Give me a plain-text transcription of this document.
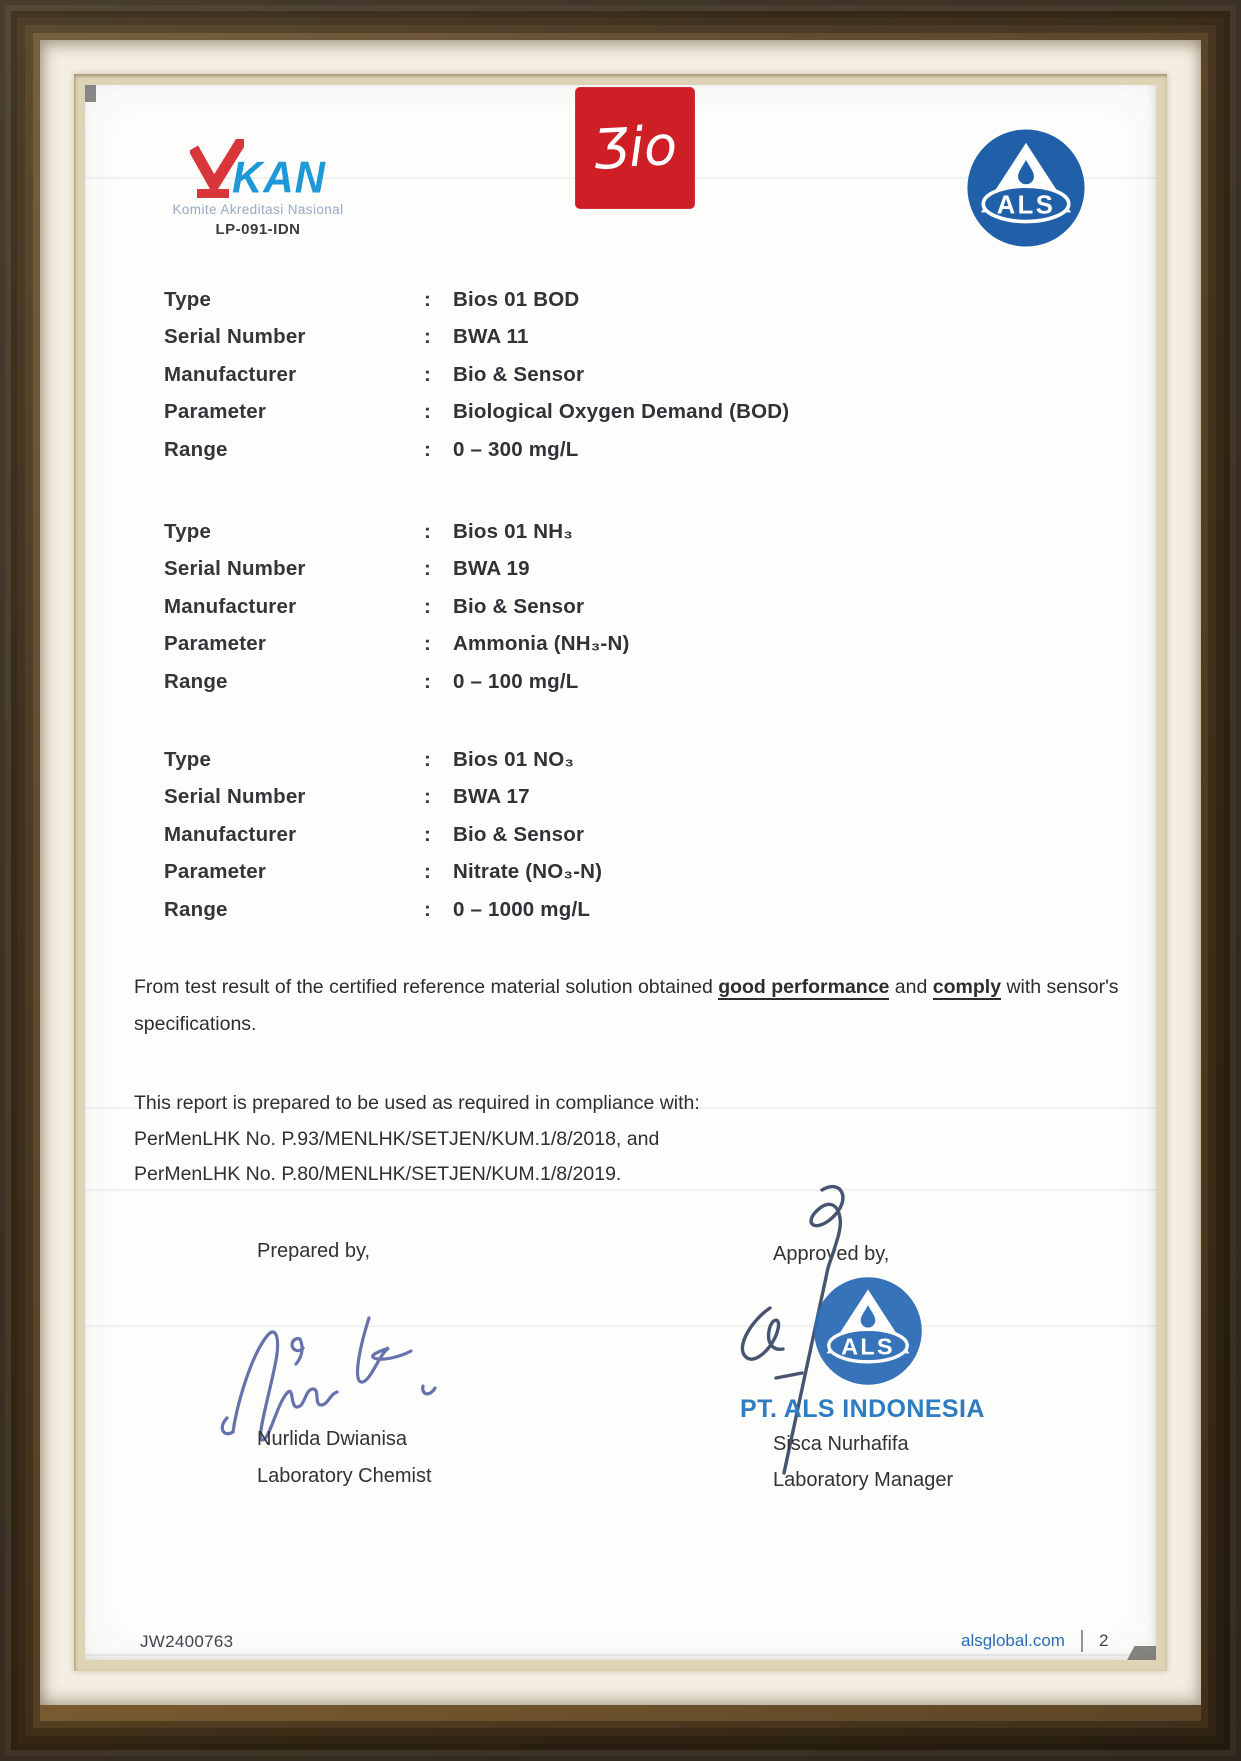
KAN
Komite Akreditasi Nasional
LP-091-IDN
Ʒio
ALS
Type	:	Bios 01 BOD
Serial Number	:	BWA 11
Manufacturer	:	Bio & Sensor
Parameter	:	Biological Oxygen Demand (BOD)
Range	:	0 – 300 mg/L
Type	:	Bios 01 NH₃
Serial Number	:	BWA 19
Manufacturer	:	Bio & Sensor
Parameter	:	Ammonia (NH₃-N)
Range	:	0 – 100 mg/L
Type	:	Bios 01 NO₃
Serial Number	:	BWA 17
Manufacturer	:	Bio & Sensor
Parameter	:	Nitrate (NO₃-N)
Range	:	0 – 1000 mg/L
From test result of the certified reference material solution obtained good performance and comply with sensor's specifications.
This report is prepared to be used as required in compliance with:
PerMenLHK No. P.93/MENLHK/SETJEN/KUM.1/8/2018, and
PerMenLHK No. P.80/MENLHK/SETJEN/KUM.1/8/2019.
Prepared by,	Approved by,
ALS
PT. ALS INDONESIA
Nurlida Dwianisa
Laboratory Chemist
Sisca Nurhafifa
Laboratory Manager
JW2400763	alsglobal.com 2
